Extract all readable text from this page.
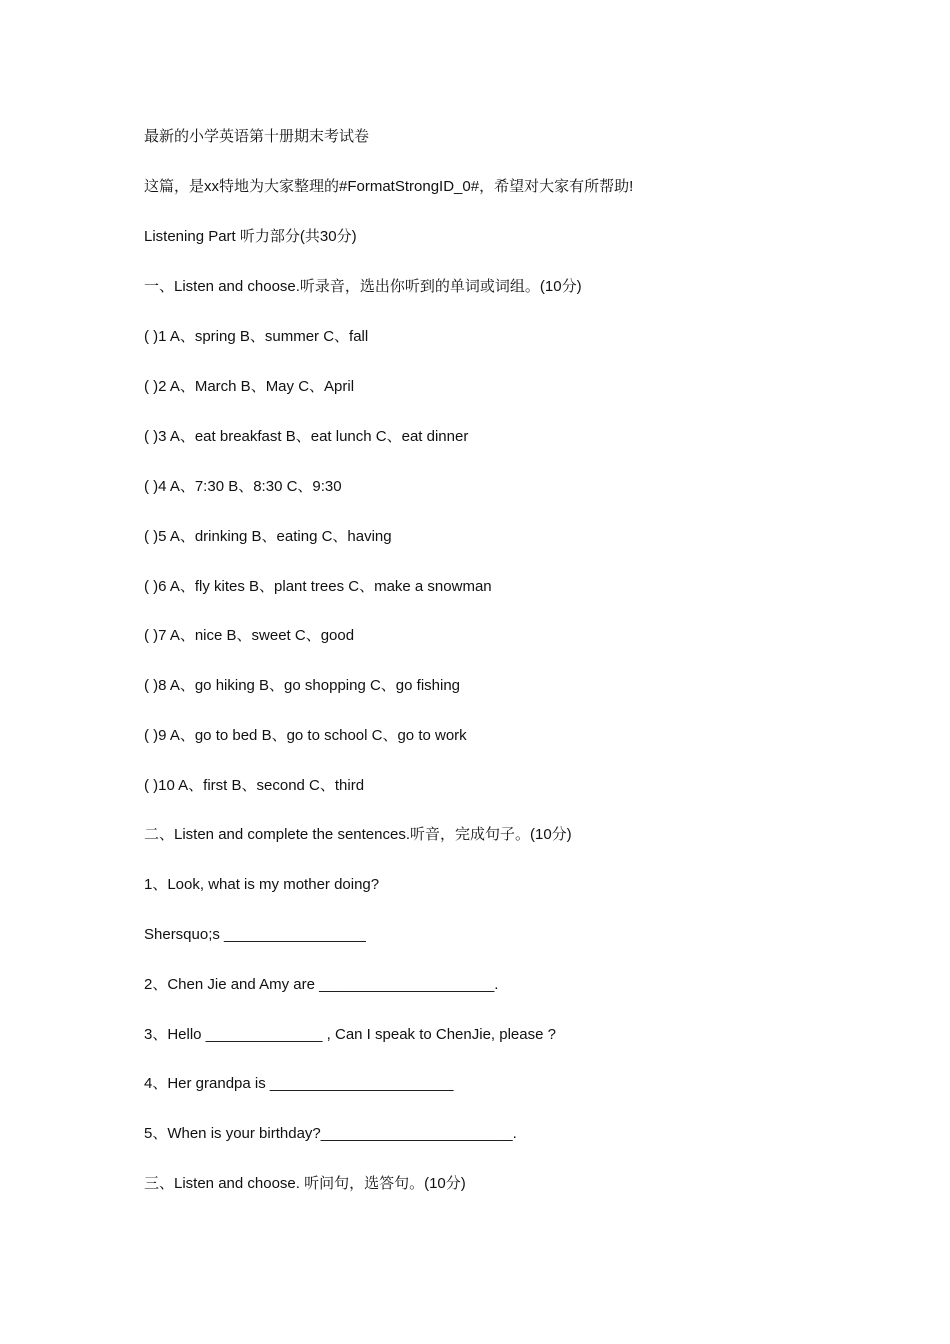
最新的小学英语第十册期末考试卷
这篇，是xx特地为大家整理的#FormatStrongID_0#，希望对大家有所帮助!
Listening Part 听力部分(共30分)
一、Listen and choose.听录音，选出你听到的单词或词组。(10分)
( )1 A、spring B、summer C、fall
( )2 A、March B、May C、April
( )3 A、eat breakfast B、eat lunch C、eat dinner
( )4 A、7:30 B、8:30 C、9:30
( )5 A、drinking B、eating C、having
( )6 A、fly kites B、plant trees C、make a snowman
( )7 A、nice B、sweet C、good
( )8 A、go hiking B、go shopping C、go fishing
( )9 A、go to bed B、go to school C、go to work
( )10 A、first B、second C、third
二、Listen and complete the sentences.听音，完成句子。(10分)
1、Look, what is my mother doing?
Shersquo;s _________________
2、Chen Jie and Amy are _____________________.
3、Hello ______________ , Can I speak to ChenJie, please ?
4、Her grandpa is ______________________
5、When is your birthday?_______________________.
三、Listen and choose. 听问句，选答句。(10分)
